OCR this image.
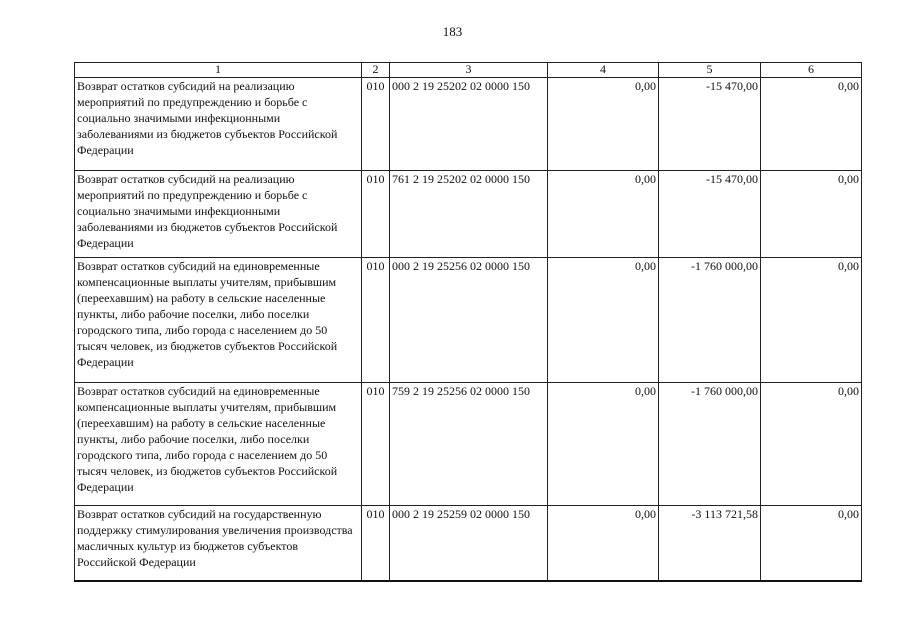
183
1	2	3	4	5	6
Возврат остатков субсидий на реализацию мероприятий по предупреждению и борьбе с социально значимыми инфекционными заболеваниями из бюджетов субъектов Российской Федерации	010	000 2 19 25202 02 0000 150	0,00	-15 470,00	0,00
Возврат остатков субсидий на реализацию мероприятий по предупреждению и борьбе с социально значимыми инфекционными заболеваниями из бюджетов субъектов Российской Федерации	010	761 2 19 25202 02 0000 150	0,00	-15 470,00	0,00
Возврат остатков субсидий на единовременные компенсационные выплаты учителям, прибывшим (переехавшим) на работу в сельские населенные пункты, либо рабочие поселки, либо поселки городского типа, либо города с населением до 50 тысяч человек, из бюджетов субъектов Российской Федерации	010	000 2 19 25256 02 0000 150	0,00	-1 760 000,00	0,00
Возврат остатков субсидий на единовременные компенсационные выплаты учителям, прибывшим (переехавшим) на работу в сельские населенные пункты, либо рабочие поселки, либо поселки городского типа, либо города с населением до 50 тысяч человек, из бюджетов субъектов Российской Федерации	010	759 2 19 25256 02 0000 150	0,00	-1 760 000,00	0,00
Возврат остатков субсидий на государственную поддержку стимулирования увеличения производства масличных культур из бюджетов субъектов Российской Федерации	010	000 2 19 25259 02 0000 150	0,00	-3 113 721,58	0,00
